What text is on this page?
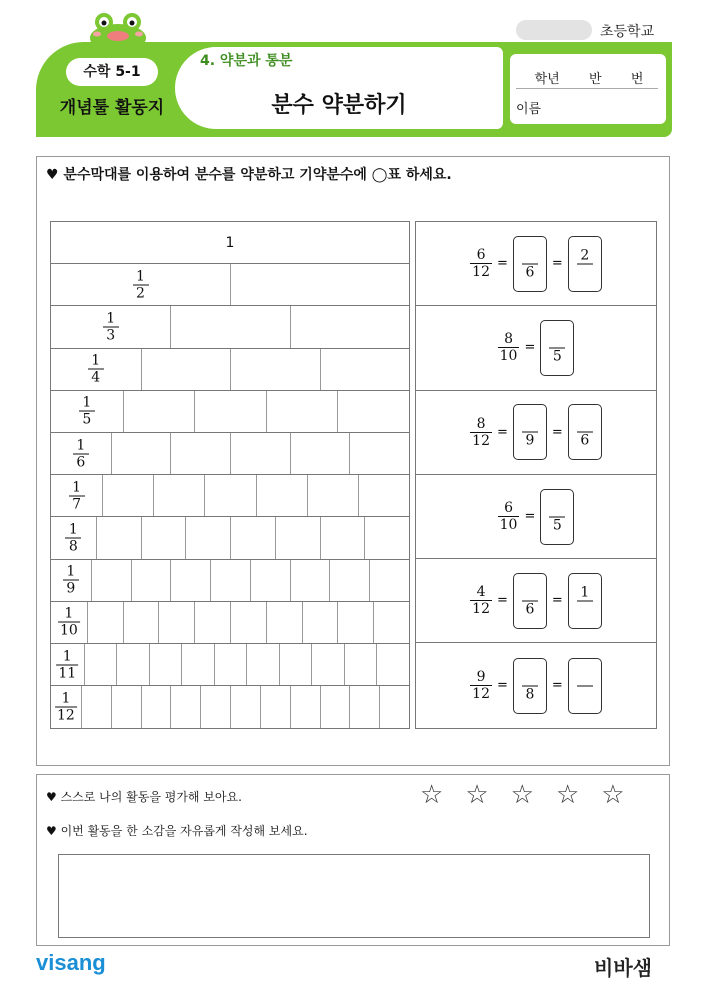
초등학교
수학 5-1
개념툴 활동지
4. 약분과 통분
분수 약분하기
학년 반 번
이름
♥ 분수막대를 이용하여 분수를 약분하고 기약분수에 ◯표 하세요.
1
$\frac{1}{2}$
$\frac{1}{3}$
$\frac{1}{4}$
$\frac{1}{5}$
$\frac{1}{6}$
$\frac{1}{7}$
$\frac{1}{8}$
$\frac{1}{9}$
$\frac{1}{10}$
$\frac{1}{11}$
$\frac{1}{12}$
$\frac{6}{12}$ =
6
=
2
$\frac{8}{10}$ =
5
$\frac{8}{12}$ =
9
=
6
$\frac{6}{10}$ =
5
$\frac{4}{12}$ =
6
=
1
$\frac{9}{12}$ =
8
=
♥ 스스로 나의 활동을 평가해 보아요.	☆ ☆ ☆ ☆ ☆
♥ 이번 활동을 한 소감을 자유롭게 작성해 보세요.
visang	비바샘
